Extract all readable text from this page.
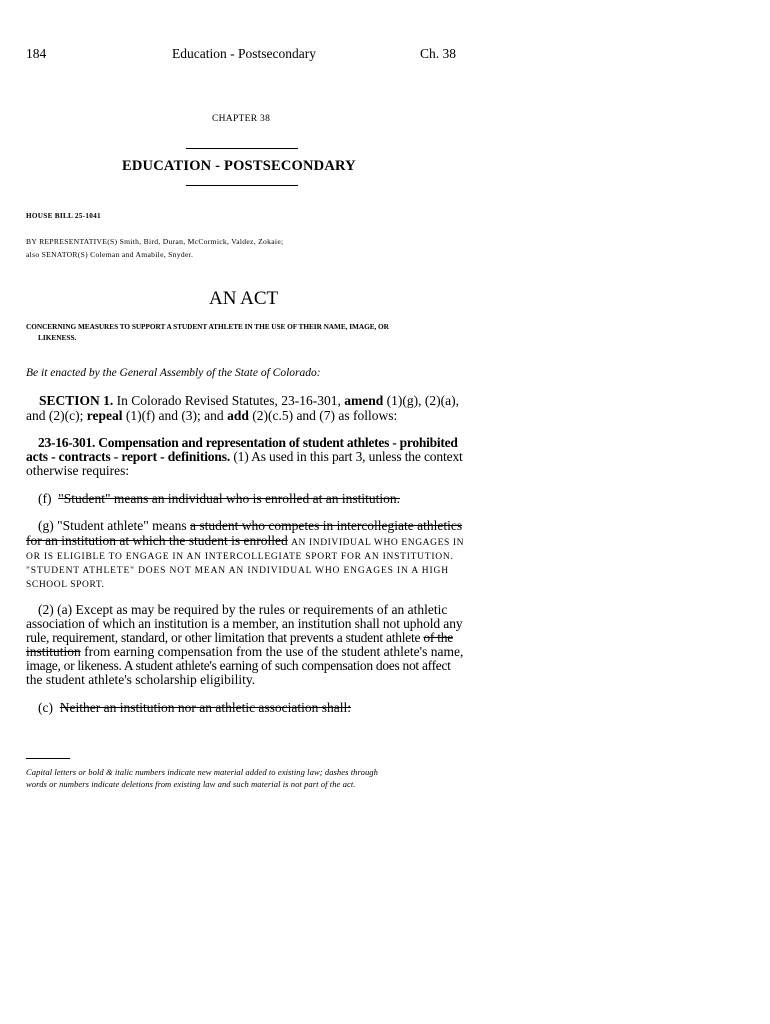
184	Education - Postsecondary	Ch. 38
CHAPTER 38
EDUCATION - POSTSECONDARY
HOUSE BILL 25-1041
BY REPRESENTATIVE(S) Smith, Bird, Duran, McCormick, Valdez, Zokaie;
also SENATOR(S) Coleman and Amabile, Snyder.
AN ACT
CONCERNING MEASURES TO SUPPORT A STUDENT ATHLETE IN THE USE OF THEIR NAME, IMAGE, OR
LIKENESS.
Be it enacted by the General Assembly of the State of Colorado:
SECTION 1. In Colorado Revised Statutes, 23-16-301, amend (1)(g), (2)(a),
and (2)(c); repeal (1)(f) and (3); and add (2)(c.5) and (7) as follows:
23-16-301. Compensation and representation of student athletes - prohibited
acts - contracts - report - definitions. (1) As used in this part 3, unless the context
otherwise requires:
(f) "Student" means an individual who is enrolled at an institution.
(g) "Student athlete" means a student who competes in intercollegiate athletics
for an institution at which the student is enrolled AN INDIVIDUAL WHO ENGAGES IN
OR IS ELIGIBLE TO ENGAGE IN AN INTERCOLLEGIATE SPORT FOR AN INSTITUTION.
"STUDENT ATHLETE" DOES NOT MEAN AN INDIVIDUAL WHO ENGAGES IN A HIGH
SCHOOL SPORT.
(2) (a) Except as may be required by the rules or requirements of an athletic
association of which an institution is a member, an institution shall not uphold any
rule, requirement, standard, or other limitation that prevents a student athlete of the
institution from earning compensation from the use of the student athlete's name,
image, or likeness. A student athlete's earning of such compensation does not affect
the student athlete's scholarship eligibility.
(c) Neither an institution nor an athletic association shall:
Capital letters or bold & italic numbers indicate new material added to existing law; dashes through
words or numbers indicate deletions from existing law and such material is not part of the act.
